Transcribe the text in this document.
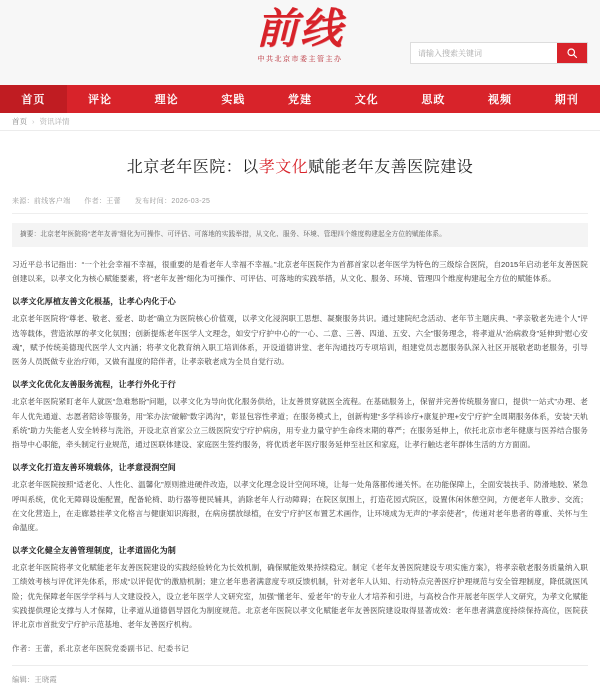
前线
中共北京市委主管主办
请输入搜索关键词
首页	评论	理论	实践	党建	文化	思政	视频	期刊
首页 › 资讯详情
北京老年医院：以孝文化赋能老年友善医院建设
来源：前线客户端 作者：王蕾 发布时间：2026-03-25
摘要：北京老年医院将“老年友善”细化为可操作、可评估、可落地的实践举措，从文化、服务、环境、管理四个维度构建起全方位的赋能体系。

习近平总书记指出：“一个社会幸福不幸福，很重要的是看老年人幸福不幸福。”北京老年医院作为首都首家以老年医学为特色的三级综合医院，自2015年启动老年友善医院创建以来，以孝文化为核心赋能要素，将“老年友善”细化为可操作、可评估、可落地的实践举措，从文化、服务、环境、管理四个维度构建起全方位的赋能体系。

以孝文化厚植友善文化根基，让孝心内化于心

北京老年医院将“尊老、敬老、爱老、助老”确立为医院核心价值观，以孝文化浸润职工思想、凝聚服务共识。通过建院纪念活动、老年节主题庆典、“孝亲敬老先进个人”评选等载体，营造浓厚的孝文化氛围；创新提炼老年医学人文理念，如安宁疗护中心的“一心、二意、三善、四道、五安、六全”服务理念，将孝道从“治病救身”延伸到“慰心安魂”，赋予传统美德现代医学人文内涵；将孝文化教育纳入职工培训体系，开设道德讲堂、老年沟通技巧专项培训，组建党员志愿服务队深入社区开展敬老助老服务，引导医务人员既做专业治疗师，又做有温度的陪伴者，让孝亲敬老成为全员自觉行动。

以孝文化优化友善服务流程，让孝行外化于行

北京老年医院紧盯老年人就医“急难愁盼”问题，以孝文化为导向优化服务供给，让友善贯穿就医全流程。在基础服务上，保留并完善传统服务窗口，提供“一站式”办理、老年人优先通道、志愿者陪诊等服务，用“笨办法”破解“数字鸿沟”，彰显包容性孝道；在服务模式上，创新构建“多学科诊疗+康复护理+安宁疗护”全周期服务体系，安装“天轨系统”助力失能老人安全转移与洗浴，开设北京首家公立三级医院安宁疗护病房，用专业力量守护生命终末期的尊严；在服务延伸上，依托北京市老年健康与医养结合服务指导中心职能，牵头制定行业规范，通过医联体建设、家庭医生签约服务，将优质老年医疗服务延伸至社区和家庭，让孝行触达老年群体生活的方方面面。

以孝文化打造友善环境载体，让孝意浸润空间

北京老年医院按照“适老化、人性化、温馨化”原则推进硬件改造，以孝文化理念设计空间环境，让每一处角落都传递关怀。在功能保障上，全面安装扶手、防滑地胶、紧急呼叫系统，优化无障碍设施配置，配备轮椅、助行器等便民辅具，消除老年人行动障碍；在院区氛围上，打造花园式院区，设置休闲休憩空间，方便老年人散步、交流；在文化营造上，在走廊悬挂孝文化格言与健康知识海报，在病房摆放绿植，在安宁疗护区布置艺术画作，让环境成为无声的“孝亲使者”，传递对老年患者的尊重、关怀与生命温度。

以孝文化健全友善管理制度，让孝道固化为制

北京老年医院将孝文化赋能老年友善医院建设的实践经验转化为长效机制，确保赋能效果持续稳定。制定《老年友善医院建设专项实施方案》，将孝亲敬老服务质量纳入职工绩效考核与评优评先体系，形成“以评促优”的激励机制；建立老年患者满意度专项反馈机制，针对老年人认知、行动特点完善医疗护理规范与安全管理制度，降低就医风险；优先保障老年医学学科与人文建设投入，设立老年医学人文研究室，加强“懂老年、爱老年”的专业人才培养和引进，与高校合作开展老年医学人文研究，为孝文化赋能实践提供理论支撑与人才保障，让孝道从道德倡导固化为制度规范。北京老年医院以孝文化赋能老年友善医院建设取得显著成效：老年患者满意度持续保持高位，医院获评北京市首批安宁疗护示范基地、老年友善医疗机构。

作者：王蕾，系北京老年医院党委副书记、纪委书记
编辑：王晓霞
